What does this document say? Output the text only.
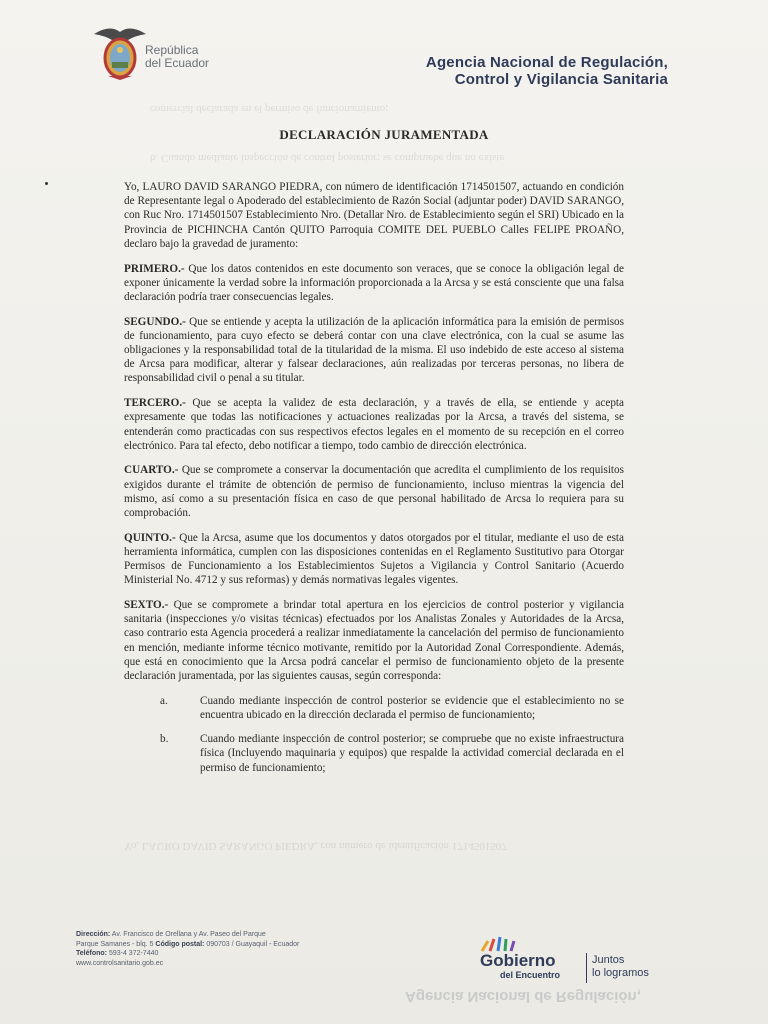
comercial declarada en el permiso de funcionamiento;
b. Cuando mediante inspección de control posterior; se compruebe que no existe
Yo, LAURO DAVID SARANGO PIEDRA, con número de identificación 1714501507
Agencia Nacional de Regulación,
República
del Ecuador	Agencia Nacional de Regulación,
Control y Vigilancia Sanitaria
DECLARACIÓN JURAMENTADA

Yo, LAURO DAVID SARANGO PIEDRA, con número de identificación 1714501507, actuando en condición de Representante legal o Apoderado del establecimiento de Razón Social (adjuntar poder) DAVID SARANGO, con Ruc Nro. 1714501507 Establecimiento Nro. (Detallar Nro. de Establecimiento según el SRI) Ubicado en la Provincia de PICHINCHA Cantón QUITO Parroquia COMITE DEL PUEBLO Calles FELIPE PROAÑO, declaro bajo la gravedad de juramento:

PRIMERO.- Que los datos contenidos en este documento son veraces, que se conoce la obligación legal de exponer únicamente la verdad sobre la información proporcionada a la Arcsa y se está consciente que una falsa declaración podría traer consecuencias legales.

SEGUNDO.- Que se entiende y acepta la utilización de la aplicación informática para la emisión de permisos de funcionamiento, para cuyo efecto se deberá contar con una clave electrónica, con la cual se asume las obligaciones y la responsabilidad total de la titularidad de la misma. El uso indebido de este acceso al sistema de Arcsa para modificar, alterar y falsear declaraciones, aún realizadas por terceras personas, no libera de responsabilidad civil o penal a su titular.

TERCERO.- Que se acepta la validez de esta declaración, y a través de ella, se entiende y acepta expresamente que todas las notificaciones y actuaciones realizadas por la Arcsa, a través del sistema, se entenderán como practicadas con sus respectivos efectos legales en el momento de su recepción en el correo electrónico. Para tal efecto, debo notificar a tiempo, todo cambio de dirección electrónica.

CUARTO.- Que se compromete a conservar la documentación que acredita el cumplimiento de los requisitos exigidos durante el trámite de obtención de permiso de funcionamiento, incluso mientras la vigencia del mismo, así como a su presentación física en caso de que personal habilitado de Arcsa lo requiera para su comprobación.

QUINTO.- Que la Arcsa, asume que los documentos y datos otorgados por el titular, mediante el uso de esta herramienta informática, cumplen con las disposiciones contenidas en el Reglamento Sustitutivo para Otorgar Permisos de Funcionamiento a los Establecimientos Sujetos a Vigilancia y Control Sanitario (Acuerdo Ministerial No. 4712 y sus reformas) y demás normativas legales vigentes.

SEXTO.- Que se compromete a brindar total apertura en los ejercicios de control posterior y vigilancia sanitaria (inspecciones y/o visitas técnicas) efectuados por los Analistas Zonales y Autoridades de la Arcsa, caso contrario esta Agencia procederá a realizar inmediatamente la cancelación del permiso de funcionamiento en mención, mediante informe técnico motivante, remitido por la Autoridad Zonal Correspondiente. Además, que está en conocimiento que la Arcsa podrá cancelar el permiso de funcionamiento objeto de la presente declaración juramentada, por las siguientes causas, según corresponda:

a.	Cuando mediante inspección de control posterior se evidencie que el establecimiento no se encuentra ubicado en la dirección declarada el permiso de funcionamiento;
b.	Cuando mediante inspección de control posterior; se compruebe que no existe infraestructura física (Incluyendo maquinaria y equipos) que respalde la actividad comercial declarada en el permiso de funcionamiento;
Dirección: Av. Francisco de Orellana y Av. Paseo del Parque
Parque Samanes - blq. 5 Código postal: 090703 / Guayaquil - Ecuador
Teléfono: 593-4 372-7440
www.controlsanitario.gob.ec	Gobierno
del Encuentro
Juntos
lo logramos
